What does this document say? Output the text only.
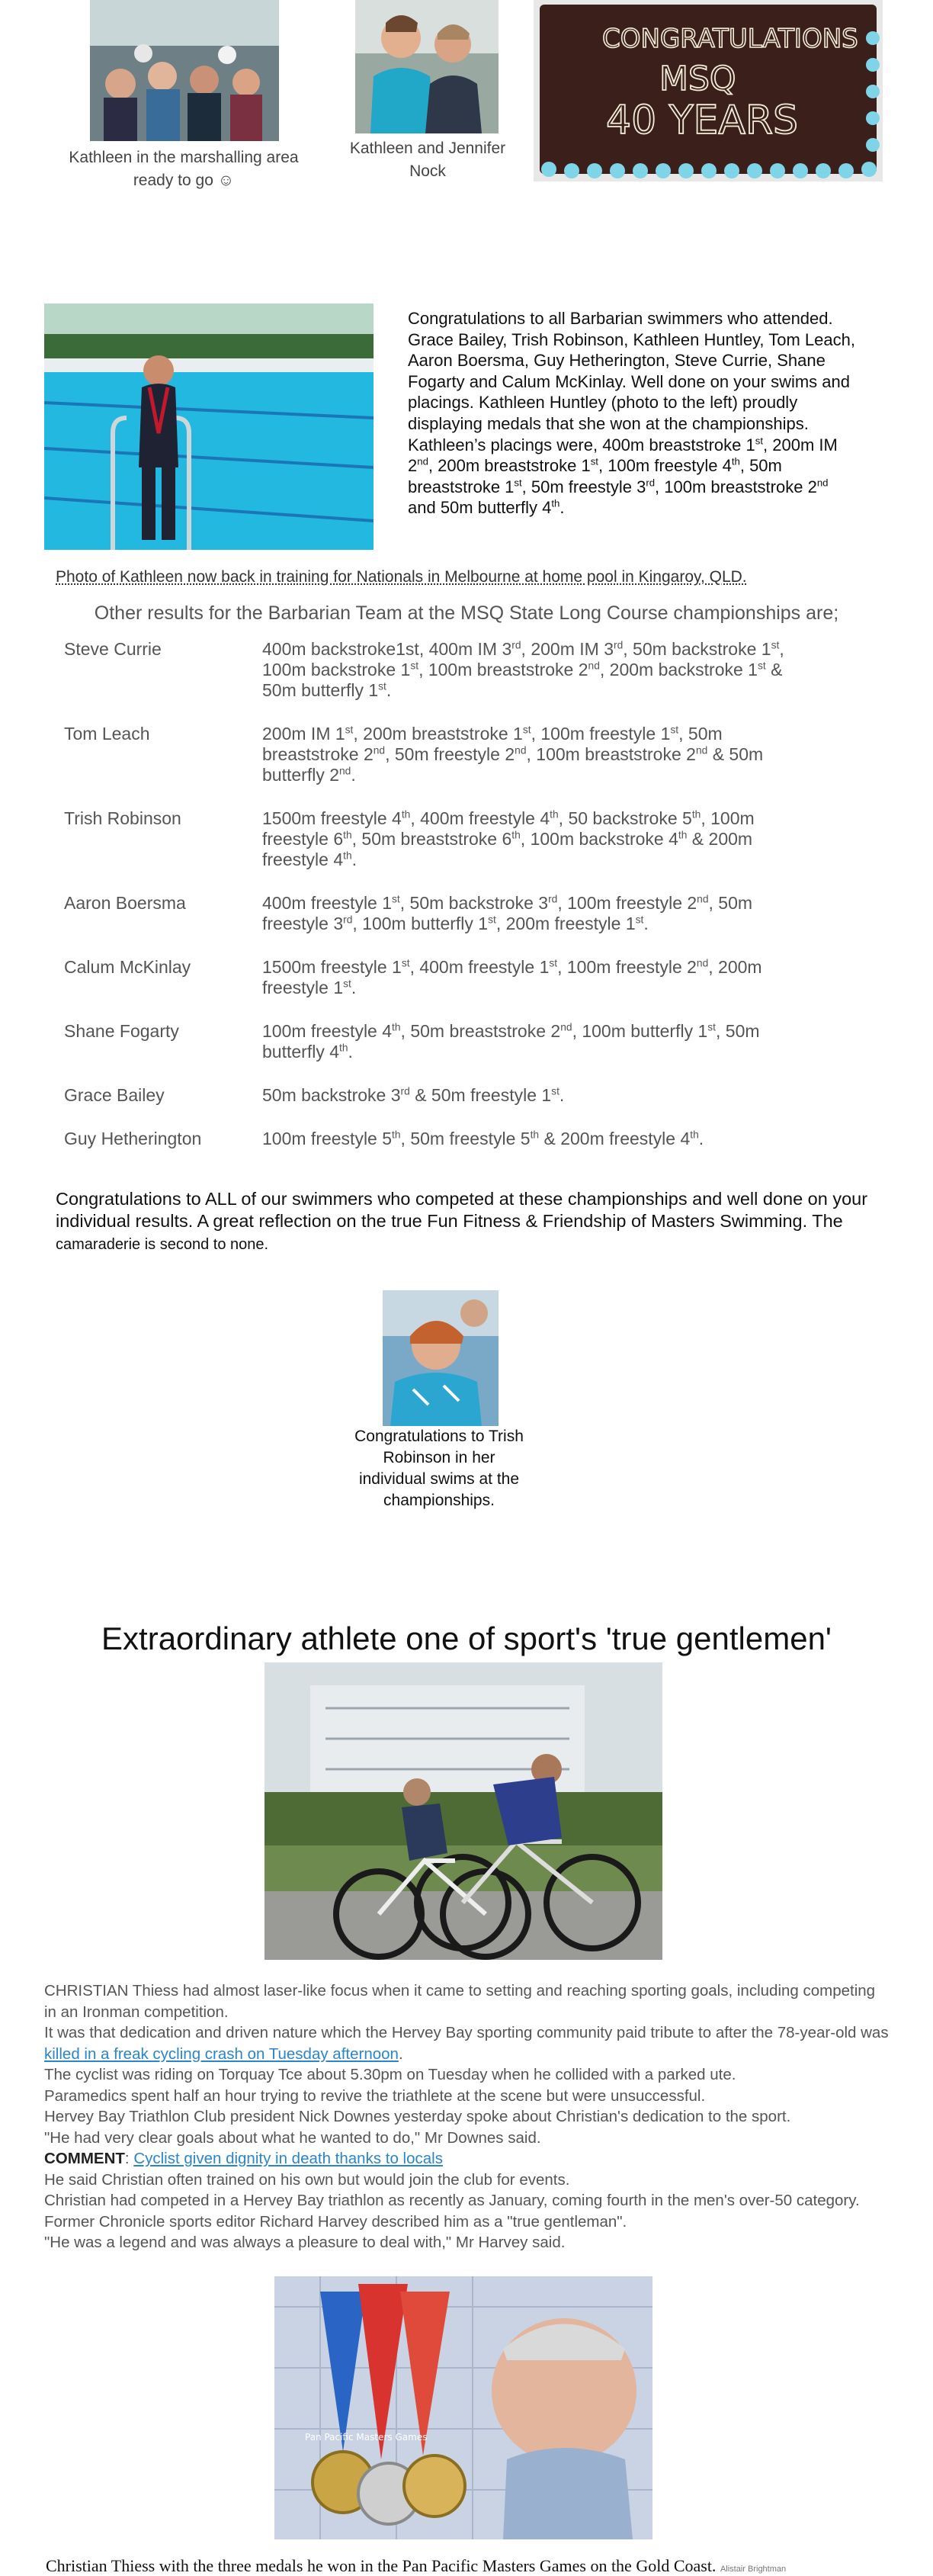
Kathleen in the marshalling area ready to go ☺
Kathleen and Jennifer Nock
CONGRATULATIONS
MSQ
40 YEARS
Congratulations to all Barbarian swimmers who attended. Grace Bailey, Trish Robinson, Kathleen Huntley, Tom Leach, Aaron Boersma, Guy Hetherington, Steve Currie, Shane Fogarty and Calum McKinlay. Well done on your swims and placings. Kathleen Huntley (photo to the left) proudly displaying medals that she won at the championships. Kathleen’s placings were, 400m breaststroke 1st, 200m IM 2nd, 200m breaststroke 1st, 100m freestyle 4th, 50m breaststroke 1st, 50m freestyle 3rd, 100m breaststroke 2nd and 50m butterfly 4th.
Photo of Kathleen now back in training for Nationals in Melbourne at home pool in Kingaroy, QLD.
Other results for the Barbarian Team at the MSQ State Long Course championships are;
Steve Currie	400m backstroke1st, 400m IM 3rd, 200m IM 3rd, 50m backstroke 1st, 100m backstroke 1st, 100m breaststroke 2nd, 200m backstroke 1st & 50m butterfly 1st.
Tom Leach	200m IM 1st, 200m breaststroke 1st, 100m freestyle 1st, 50m breaststroke 2nd, 50m freestyle 2nd, 100m breaststroke 2nd & 50m butterfly 2nd.
Trish Robinson	1500m freestyle 4th, 400m freestyle 4th, 50 backstroke 5th, 100m freestyle 6th, 50m breaststroke 6th, 100m backstroke 4th & 200m freestyle 4th.
Aaron Boersma	400m freestyle 1st, 50m backstroke 3rd, 100m freestyle 2nd, 50m freestyle 3rd, 100m butterfly 1st, 200m freestyle 1st.
Calum McKinlay	1500m freestyle 1st, 400m freestyle 1st, 100m freestyle 2nd, 200m freestyle 1st.
Shane Fogarty	100m freestyle 4th, 50m breaststroke 2nd, 100m butterfly 1st, 50m butterfly 4th.
Grace Bailey	50m backstroke 3rd & 50m freestyle 1st.
Guy Hetherington	100m freestyle 5th, 50m freestyle 5th & 200m freestyle 4th.
Congratulations to ALL of our swimmers who competed at these championships and well done on your individual results. A great reflection on the true Fun Fitness & Friendship of Masters Swimming. The camaraderie is second to none.
Congratulations to Trish Robinson in her individual swims at the championships.
Extraordinary athlete one of sport's 'true gentlemen'

CHRISTIAN Thiess had almost laser-like focus when it came to setting and reaching sporting goals, including competing in an Ironman competition.

It was that dedication and driven nature which the Hervey Bay sporting community paid tribute to after the 78-year-old was killed in a freak cycling crash on Tuesday afternoon.

The cyclist was riding on Torquay Tce about 5.30pm on Tuesday when he collided with a parked ute.

Paramedics spent half an hour trying to revive the triathlete at the scene but were unsuccessful.

Hervey Bay Triathlon Club president Nick Downes yesterday spoke about Christian's dedication to the sport.

"He had very clear goals about what he wanted to do," Mr Downes said.

COMMENT: Cyclist given dignity in death thanks to locals

He said Christian often trained on his own but would join the club for events.

Christian had competed in a Hervey Bay triathlon as recently as January, coming fourth in the men's over-50 category.

Former Chronicle sports editor Richard Harvey described him as a "true gentleman".

"He was a legend and was always a pleasure to deal with," Mr Harvey said.

Pan Pacific Masters Games
Christian Thiess with the three medals he won in the Pan Pacific Masters Games on the Gold Coast. Alistair Brightman
